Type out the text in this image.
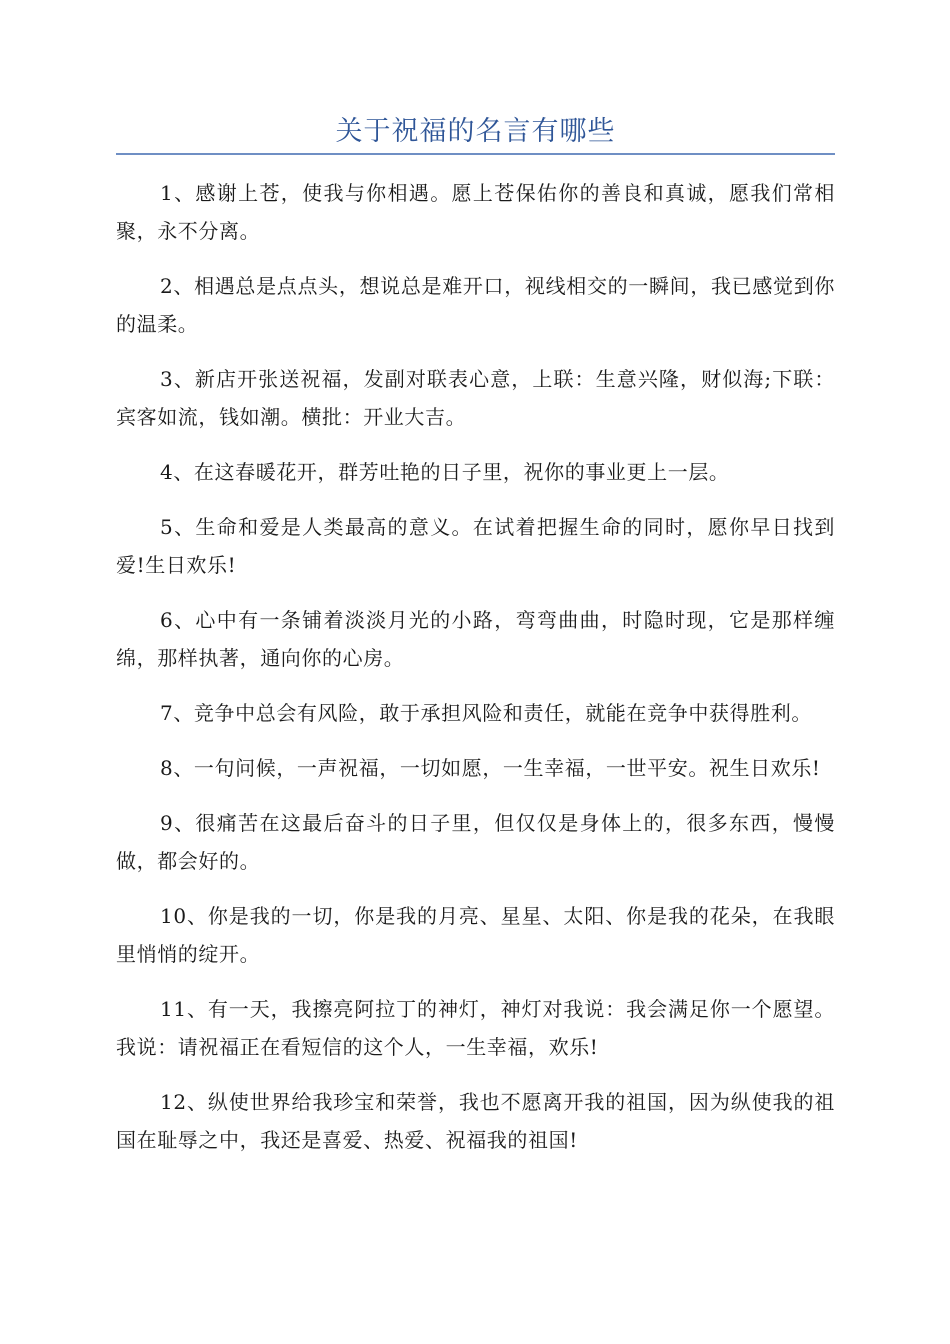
关于祝福的名言有哪些

1、感谢上苍，使我与你相遇。愿上苍保佑你的善良和真诚，愿我们常相聚，永不分离。

2、相遇总是点点头，想说总是难开口，视线相交的一瞬间，我已感觉到你的温柔。

3、新店开张送祝福，发副对联表心意，上联：生意兴隆，财似海;下联：宾客如流，钱如潮。横批：开业大吉。

4、在这春暖花开，群芳吐艳的日子里，祝你的事业更上一层。

5、生命和爱是人类最高的意义。在试着把握生命的同时，愿你早日找到爱!生日欢乐!

6、心中有一条铺着淡淡月光的小路，弯弯曲曲，时隐时现，它是那样缠绵，那样执著，通向你的心房。

7、竞争中总会有风险，敢于承担风险和责任，就能在竞争中获得胜利。

8、一句问候，一声祝福，一切如愿，一生幸福，一世平安。祝生日欢乐!

9、很痛苦在这最后奋斗的日子里，但仅仅是身体上的，很多东西，慢慢做，都会好的。

10、你是我的一切，你是我的月亮、星星、太阳、你是我的花朵，在我眼里悄悄的绽开。

11、有一天，我擦亮阿拉丁的神灯，神灯对我说：我会满足你一个愿望。我说：请祝福正在看短信的这个人，一生幸福，欢乐!

12、纵使世界给我珍宝和荣誉，我也不愿离开我的祖国，因为纵使我的祖国在耻辱之中，我还是喜爱、热爱、祝福我的祖国!
